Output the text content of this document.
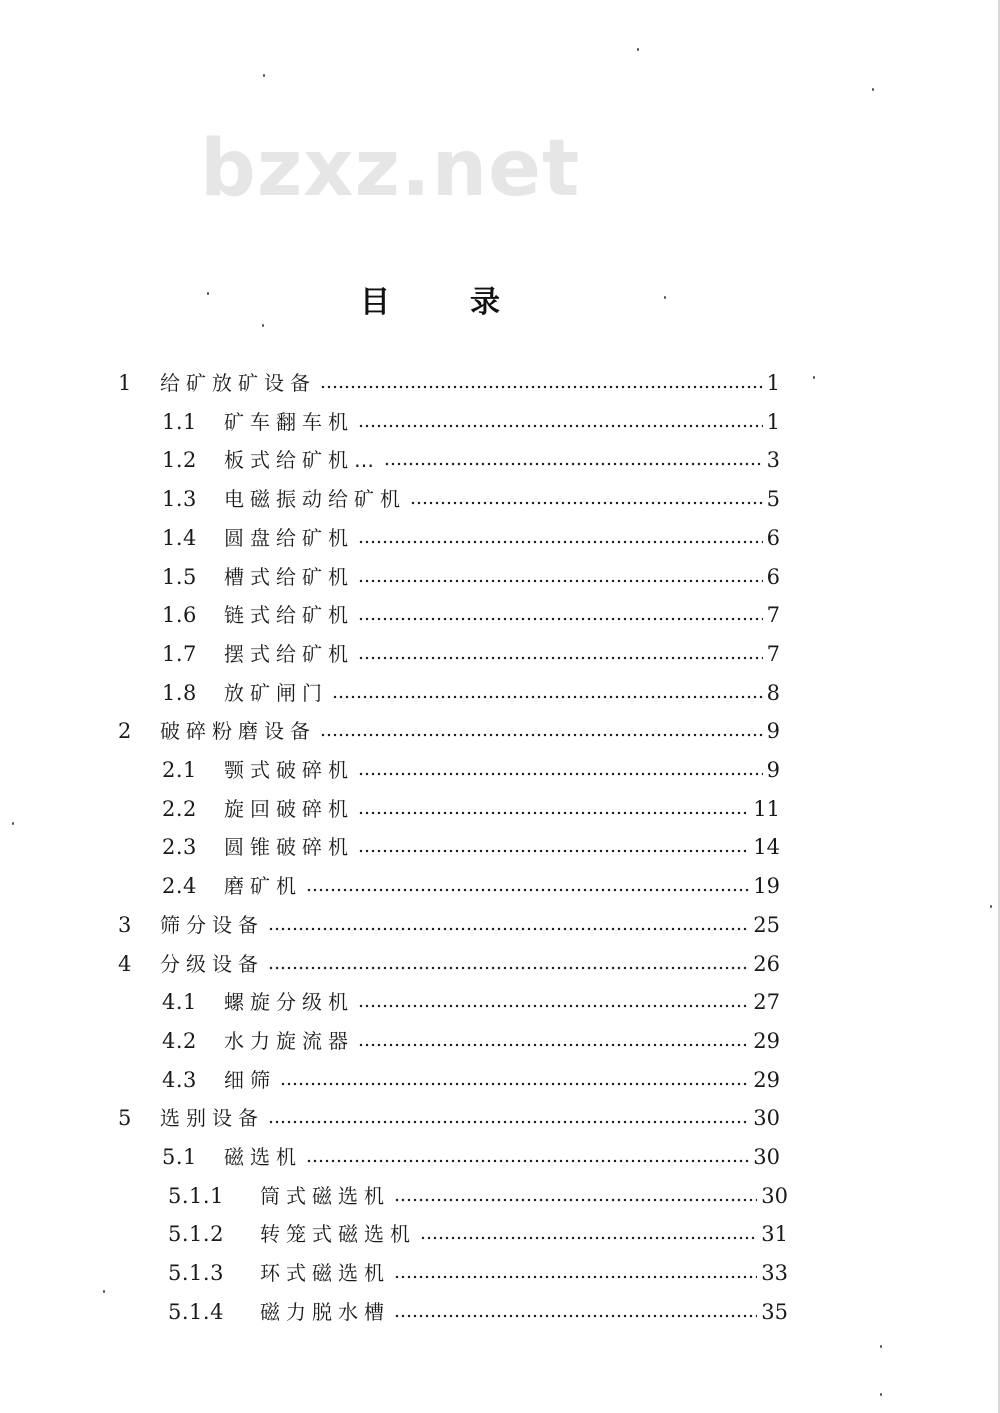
bzxz.net
目	录
1	给矿放矿设备	1
1.1	矿车翻车机	1
1.2	板式给矿机…	3
1.3	电磁振动给矿机	5
1.4	圆盘给矿机	6
1.5	槽式给矿机	6
1.6	链式给矿机	7
1.7	摆式给矿机	7
1.8	放矿闸门	8
2	破碎粉磨设备	9
2.1	颚式破碎机	9
2.2	旋回破碎机	11
2.3	圆锥破碎机	14
2.4	磨矿机	19
3	筛分设备	25
4	分级设备	26
4.1	螺旋分级机	27
4.2	水力旋流器	29
4.3	细筛	29
5	选别设备	30
5.1	磁选机	30
5.1.1	筒式磁选机	30
5.1.2	转笼式磁选机	31
5.1.3	环式磁选机	33
5.1.4	磁力脱水槽	35
